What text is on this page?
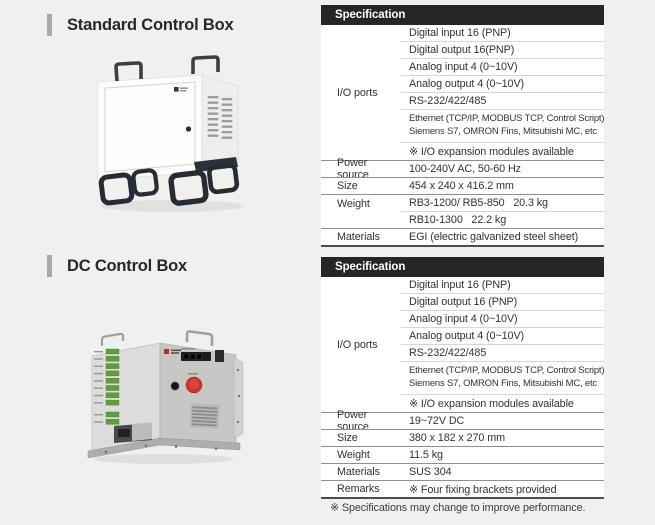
Standard Control Box
Specification
I/O ports
Digital input 16 (PNP)
Digital output 16(PNP)
Analog input 4 (0~10V)
Analog output 4 (0~10V)
RS-232/422/485
Ethernet (TCP/IP, MODBUS TCP, Control Script)
Siemens S7, OMRON Fins, Mitsubishi MC, etc
※ I/O expansion modules available
Power source	100-240V AC, 50-60 Hz
Size	454 x 240 x 416.2 mm
Weight	RB3-1200/ RB5-850   20.3 kg
RB10-1300   22.2 kg
Materials	EGI (electric galvanized steel sheet)
DC Control Box	Specification
I/O ports
Digital input 16 (PNP)
Digital output 16 (PNP)
Analog input 4 (0~10V)
Analog output 4 (0~10V)
RS-232/422/485
Ethernet (TCP/IP, MODBUS TCP, Control Script)
Siemens S7, OMRON Fins, Mitsubishi MC, etc
※ I/O expansion modules available
Power source	19~72V DC
Size	380 x 182 x 270 mm
Weight	11.5 kg
Materials	SUS 304
Remarks	※ Four fixing brackets provided
※ Specifications may change to improve performance.
